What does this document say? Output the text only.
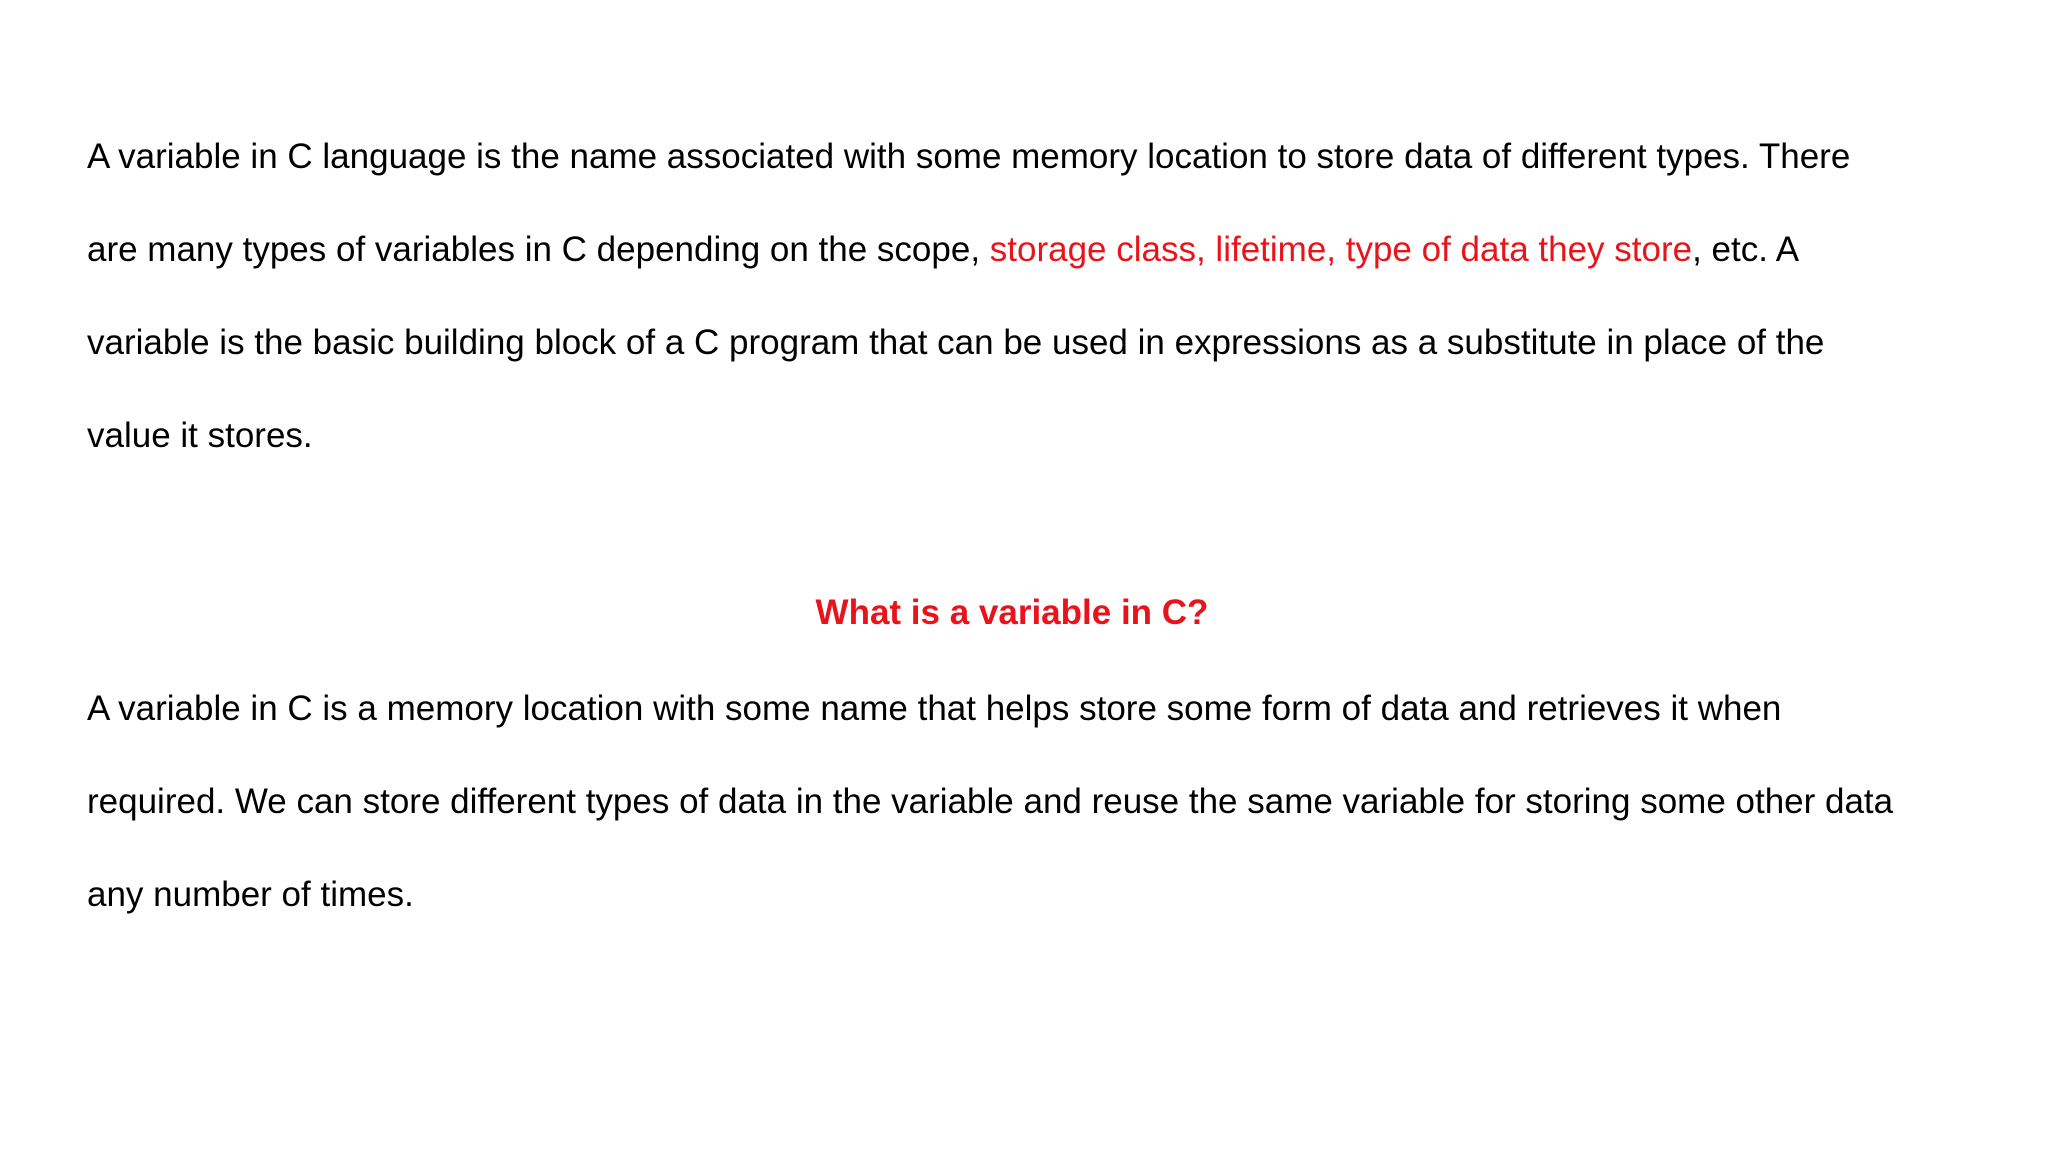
A variable in C language is the name associated with some memory location to store data of different types. There
are many types of variables in C depending on the scope, storage class, lifetime, type of data they store, etc. A
variable is the basic building block of a C program that can be used in expressions as a substitute in place of the
value it stores.

What is a variable in C?

A variable in C is a memory location with some name that helps store some form of data and retrieves it when
required. We can store different types of data in the variable and reuse the same variable for storing some other data
any number of times.
